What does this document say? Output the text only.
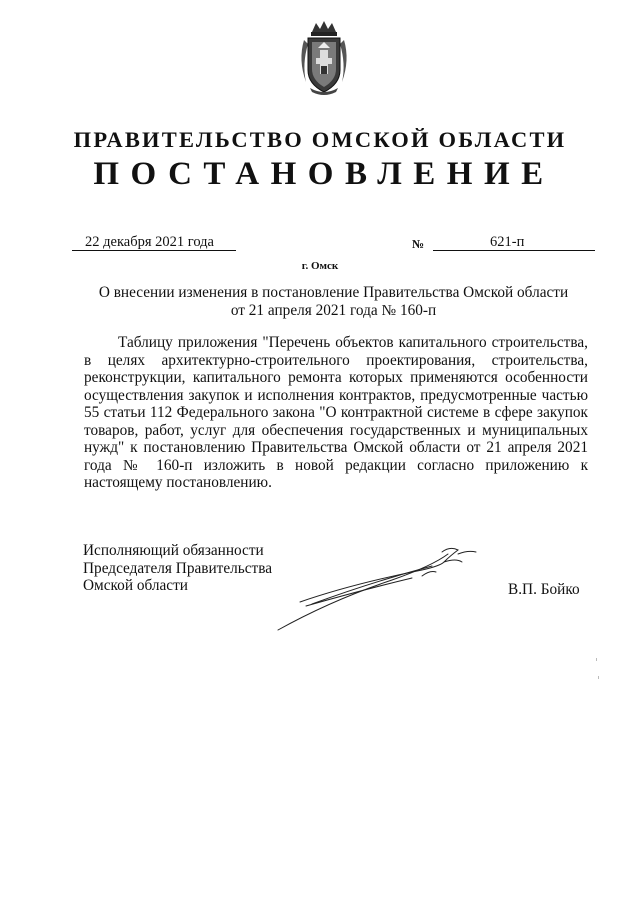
ПРАВИТЕЛЬСТВО ОМСКОЙ ОБЛАСТИ
ПОСТАНОВЛЕНИЕ
22 декабря 2021 года	№	621-п
г. Омск
О внесении изменения в постановление Правительства Омской области
от 21 апреля 2021 года № 160-п

Таблицу приложения "Перечень объектов капитального строительства, в целях архитектурно-строительного проектирования, строительства, реконструкции, капитального ремонта которых применяются особенности осуществления закупок и исполнения контрактов, предусмотренные частью 55 статьи 112 Федерального закона "О контрактной системе в сфере закупок товаров, работ, услуг для обеспечения государственных и муниципальных нужд" к постановлению Правительства Омской области от 21 апреля 2021 года № 160-п изложить в новой редакции согласно приложению к настоящему постановлению.

Исполняющий обязанности
Председателя Правительства
Омской области	В.П. Бойко
